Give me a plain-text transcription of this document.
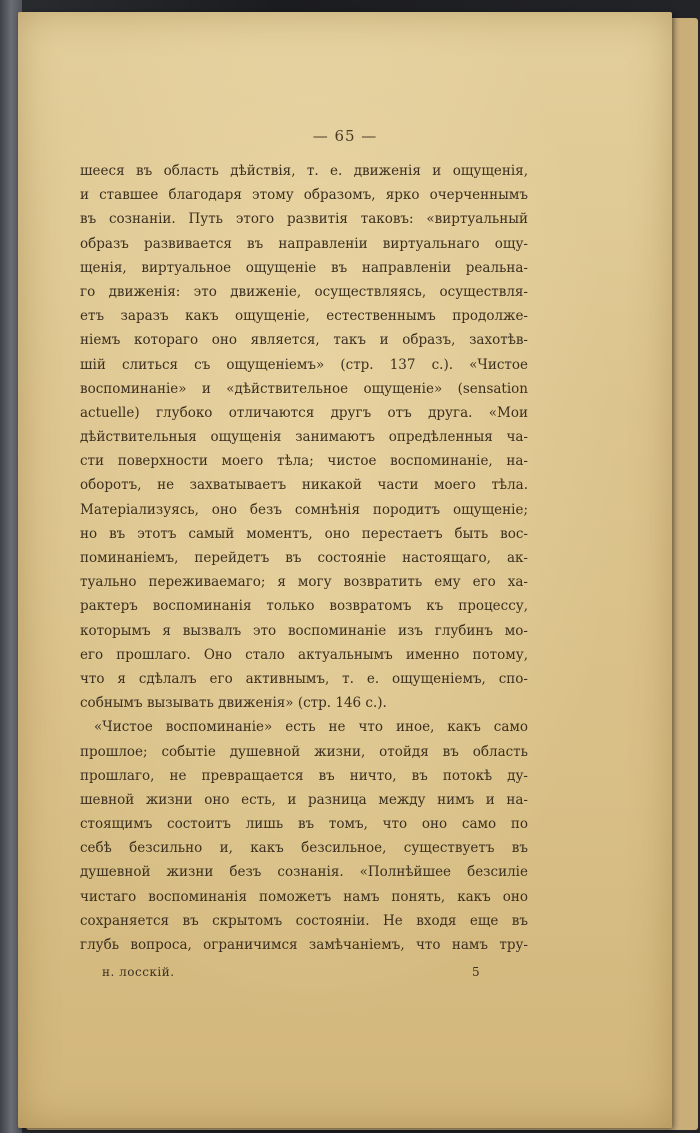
— 65 —
шееся въ область дѣйствія, т. е. движенія и ощущенія,
и ставшее благодаря этому образомъ, ярко очерченнымъ
въ сознаніи. Путь этого развитія таковъ: «виртуальный
образъ развивается въ направленіи виртуальнаго ощу-
щенія, виртуальное ощущеніе въ направленіи реальна-
го движенія: это движеніе, осуществляясь, осуществля-
етъ заразъ какъ ощущеніе, естественнымъ продолже-
ніемъ котораго оно является, такъ и образъ, захотѣв-
шій слиться съ ощущеніемъ» (стр. 137 с.). «Чистое
воспоминаніе» и «дѣйствительное ощущеніе» (sensation
actuelle) глубоко отличаются другъ отъ друга. «Мои
дѣйствительныя ощущенія занимаютъ опредѣленныя ча-
сти поверхности моего тѣла; чистое воспоминаніе, на-
оборотъ, не захватываетъ никакой части моего тѣла.
Матеріализуясь, оно безъ сомнѣнія породитъ ощущеніе;
но въ этотъ самый моментъ, оно перестаетъ быть вос-
поминаніемъ, перейдетъ въ состояніе настоящаго, ак-
туально переживаемаго; я могу возвратить ему его ха-
рактеръ воспоминанія только возвратомъ къ процессу,
которымъ я вызвалъ это воспоминаніе изъ глубинъ мо-
его прошлаго. Оно стало актуальнымъ именно потому,
что я сдѣлалъ его активнымъ, т. е. ощущеніемъ, спо-
собнымъ вызывать движенія» (стр. 146 с.).
«Чистое воспоминаніе» есть не что иное, какъ само
прошлое; событіе душевной жизни, отойдя въ область
прошлаго, не превращается въ ничто, въ потокѣ ду-
шевной жизни оно есть, и разница между нимъ и на-
стоящимъ состоитъ лишь въ томъ, что оно само по
себѣ безсильно и, какъ безсильное, существуетъ въ
душевной жизни безъ сознанія. «Полнѣйшее безсиліе
чистаго воспоминанія поможетъ намъ понять, какъ оно
сохраняется въ скрытомъ состояніи. Не входя еще въ
глубь вопроса, ограничимся замѣчаніемъ, что намъ тру-
н. лосскій.	5
